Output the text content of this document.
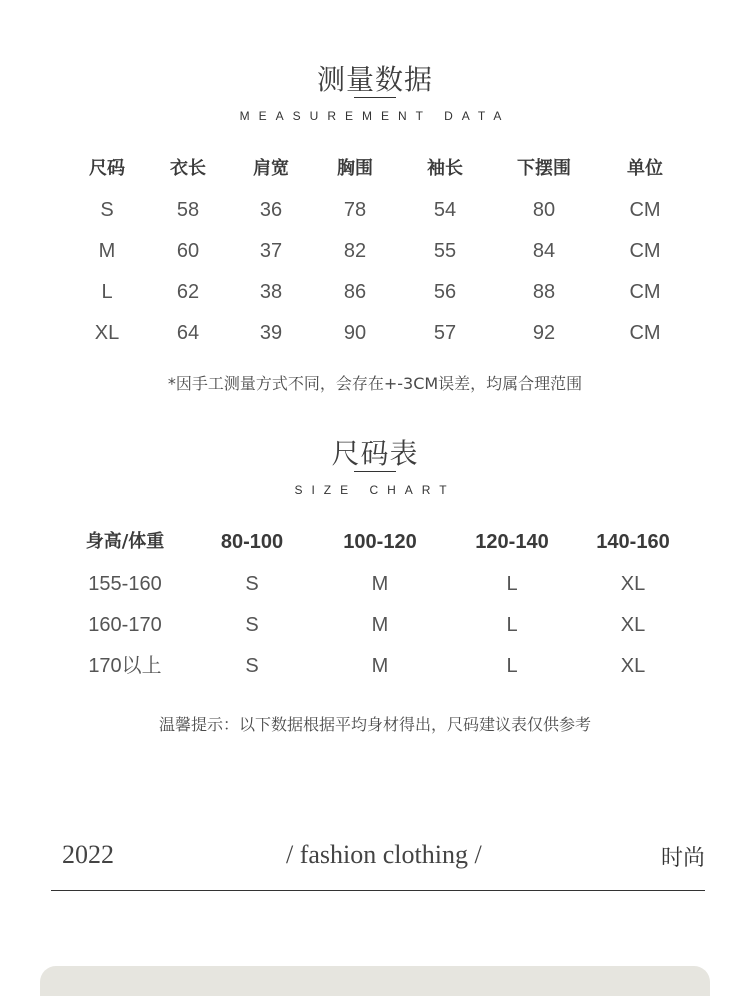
测量数据
MEASUREMENT DATA
尺码	衣长	肩宽	胸围	袖长	下摆围	单位
S	58	36	78	54	80	CM
M	60	37	82	55	84	CM
L	62	38	86	56	88	CM
XL	64	39	90	57	92	CM
*因手工测量方式不同，会存在+-3CM误差，均属合理范围
尺码表
SIZE CHART
身高/体重	80-100	100-120	120-140 140-160
155-160	S	M	L	XL
160-170	S	M	L	XL
170以上	S	M	L	XL
温馨提示：以下数据根据平均身材得出，尺码建议表仅供参考
2022	/ fashion clothing /	时尚
